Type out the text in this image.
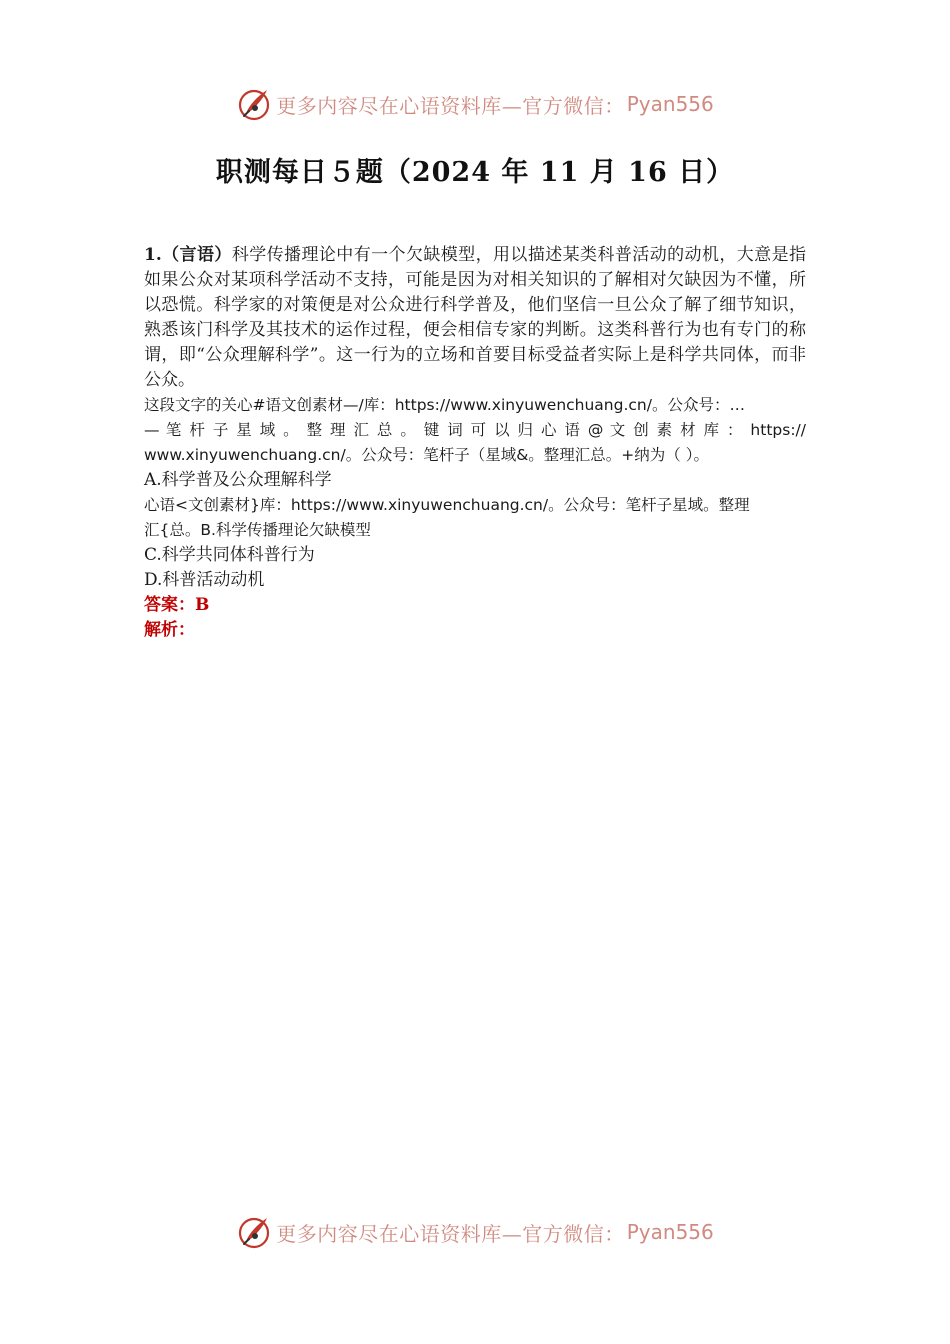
更多内容尽在心语资料库—官方微信： Pyan556
职测每日５题（2024 年 11 月 16 日）

1.（言语）科学传播理论中有一个欠缺模型，用以描述某类科普活动的动机，大意是指如果公众对某项科学活动不支持，可能是因为对相关知识的了解相对欠缺因为不懂，所以恐慌。科学家的对策便是对公众进行科学普及，他们坚信一旦公众了解了细节知识，熟悉该门科学及其技术的运作过程，便会相信专家的判断。这类科普行为也有专门的称谓，即“公众理解科学”。这一行为的立场和首要目标受益者实际上是科学共同体，而非公众。

这段文字的关心#语文创素材—/库：https://www.xinyuwenchuang.cn/。公众号：…

— 笔 杆 子 星 域 。 整 理 汇 总 。 键 词 可 以 归 心 语 @ 文 创 素 材 库 ： https://

www.xinyuwenchuang.cn/。公众号：笔杆子（星域&。整理汇总。+纳为（ ）。

A.科学普及公众理解科学

心语<文创素材}库：https://www.xinyuwenchuang.cn/。公众号：笔杆子星域。整理

汇{总。B.科学传播理论欠缺模型

C.科学共同体科普行为

D.科普活动动机

答案：B

解析：

更多内容尽在心语资料库—官方微信： Pyan556
